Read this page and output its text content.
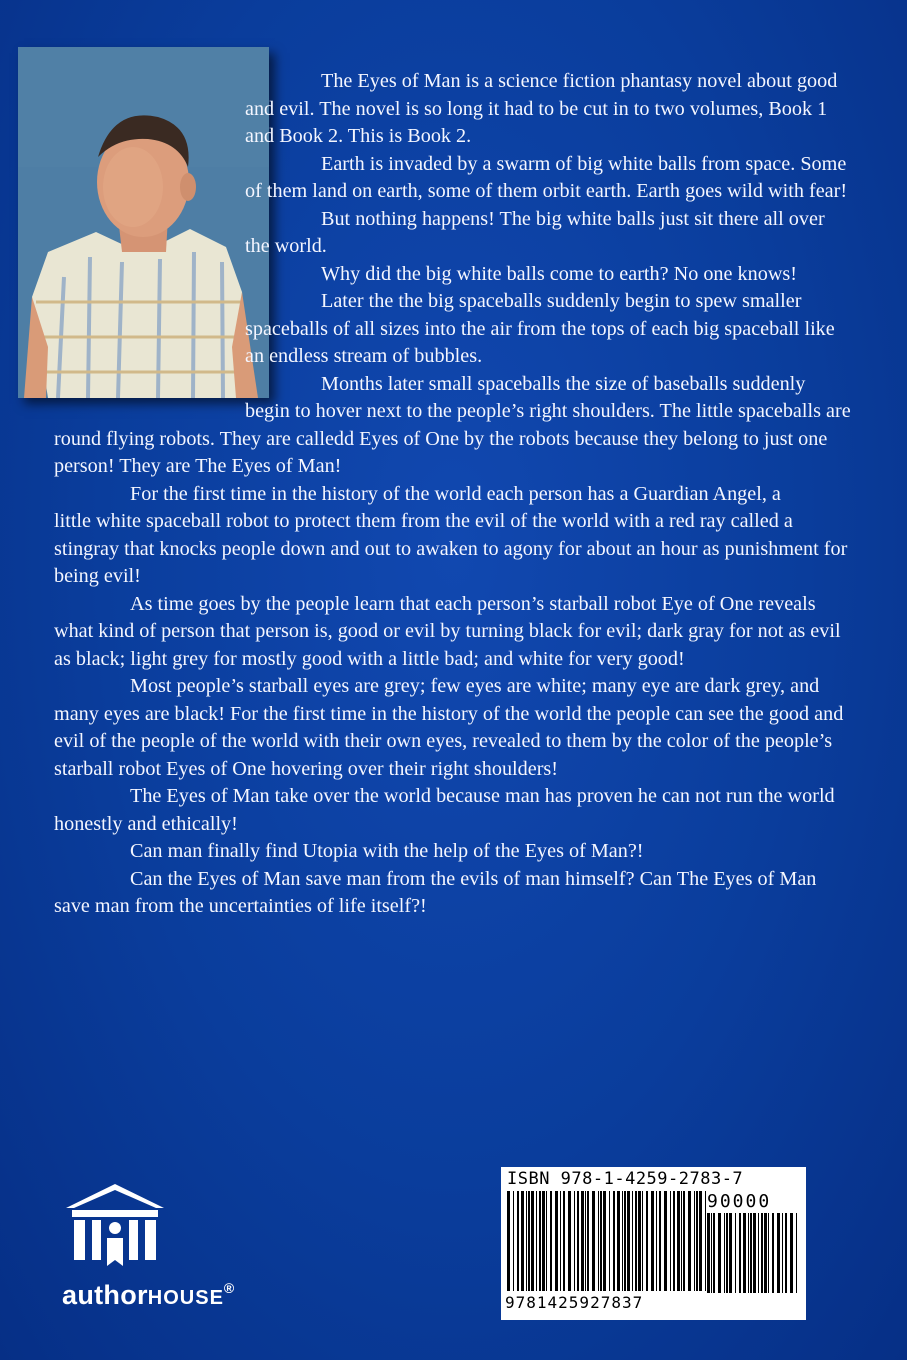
The Eyes of Man is a science fiction phantasy novel about good and evil. The novel is so long it had to be cut in to two volumes, Book 1 and Book 2. This is Book 2.

Earth is invaded by a swarm of big white balls from space. Some of them land on earth, some of them orbit earth. Earth goes wild with fear!

But nothing happens! The big white balls just sit there all over the world.

Why did the big white balls come to earth? No one knows!

Later the the big spaceballs suddenly begin to spew smaller spaceballs of all sizes into the air from the tops of each big spaceball like an endless stream of bubbles.

Months later small spaceballs the size of baseballs suddenly begin to hover next to the people’s right shoulders. The little spaceballs are round flying robots. They are calledd Eyes of One by the robots because they belong to just one person! They are The Eyes of Man!

For the first time in the history of the world each person has a Guardian Angel, a

little white spaceball robot to protect them from the evil of the world with a red ray called a stingray that knocks people down and out to awaken to agony for about an hour as punishment for being evil!

As time goes by the people learn that each person’s starball robot Eye of One reveals what kind of person that person is, good or evil by turning black for evil; dark gray for not as evil as black; light grey for mostly good with a little bad; and white for very good!

Most people’s starball eyes are grey; few eyes are white; many eye are dark grey, and many eyes are black! For the first time in the history of the world the people can see the good and evil of the people of the world with their own eyes, revealed to them by the color of the people’s starball robot Eyes of One hovering over their right shoulders!

The Eyes of Man take over the world because man has proven he can not run the world honestly and ethically!

Can man finally find Utopia with the help of the Eyes of Man?!

Can the Eyes of Man save man from the evils of man himself? Can The Eyes of Man save man from the uncertainties of life itself?!

authorHOUSE®
ISBN 978-1-4259-2783-7
90000
9781425927837
